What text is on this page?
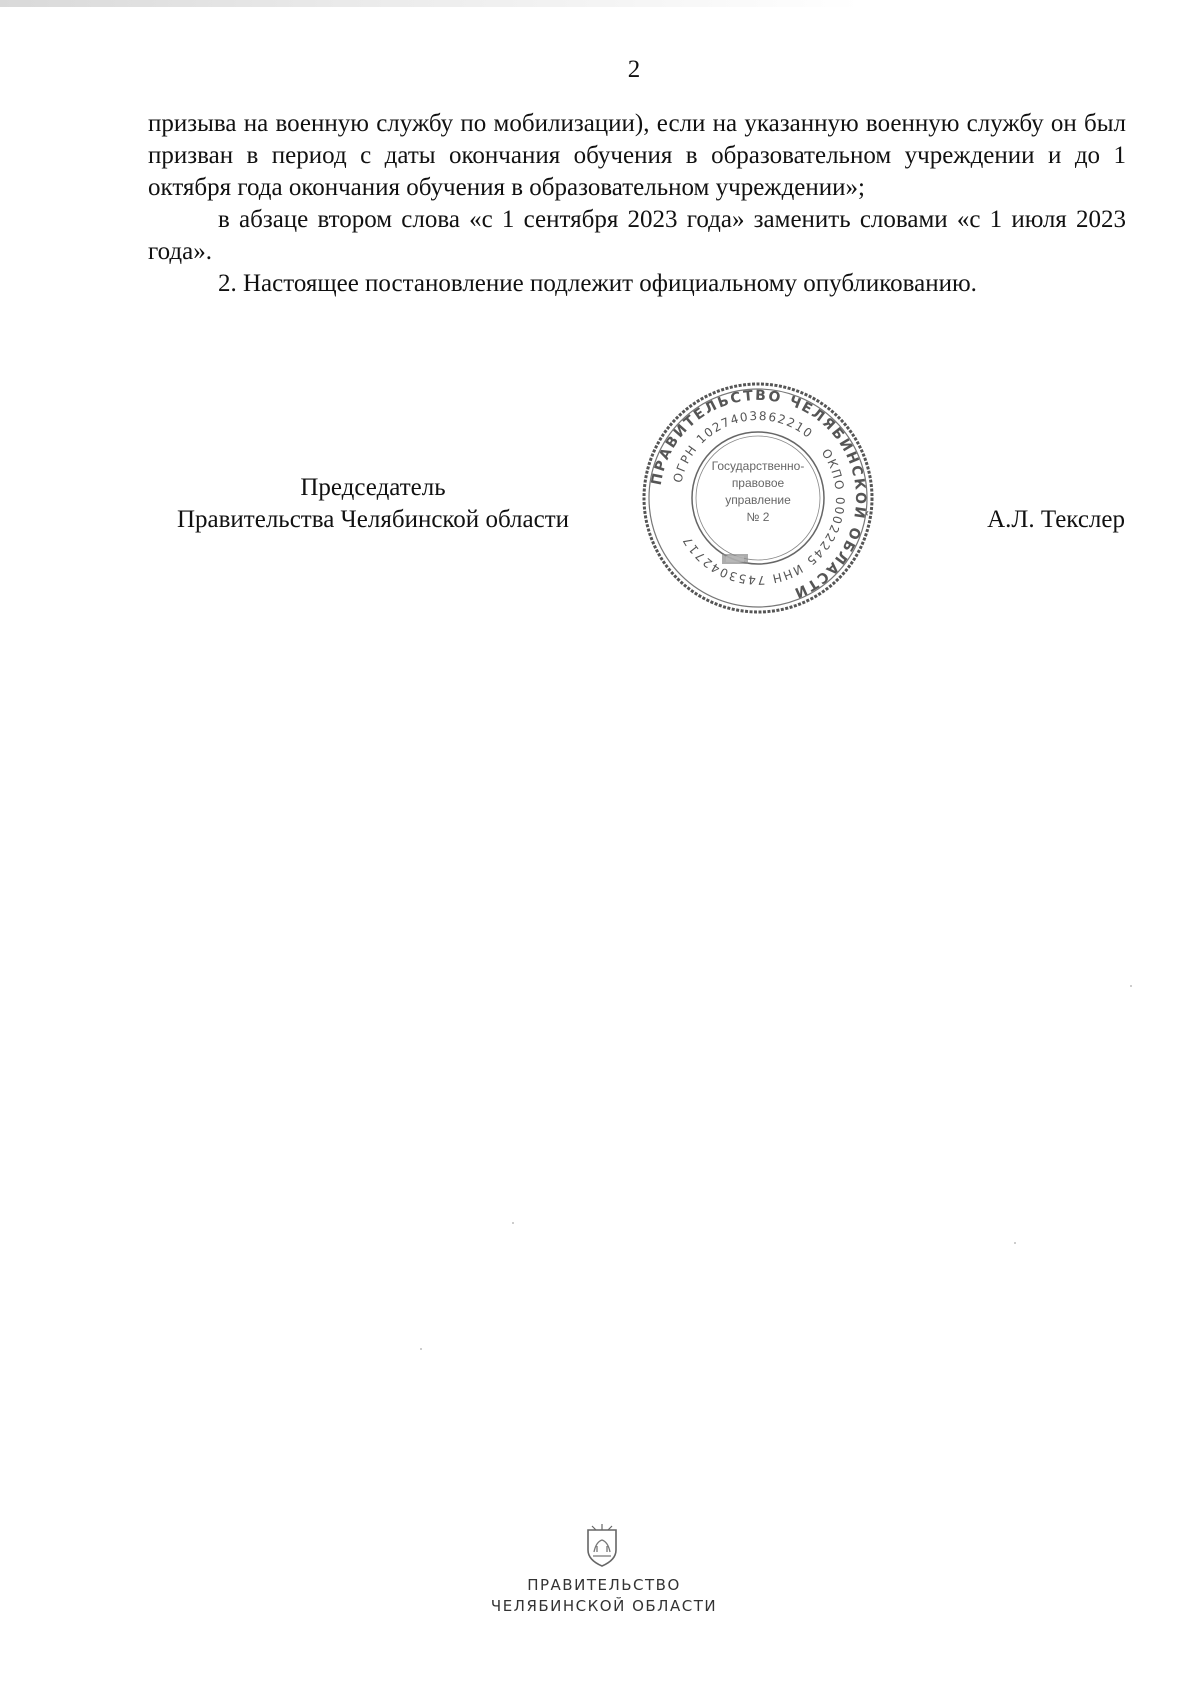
2

призыва на военную службу по мобилизации), если на указанную военную службу он был призван в период с даты окончания обучения в образовательном учреждении и до 1 октября года окончания обучения в образовательном учреждении»;

в абзаце втором слова «с 1 сентября 2023 года» заменить словами «с 1 июля 2023 года».

2. Настоящее постановление подлежит официальному опубликованию.

Председатель
Правительства Челябинской области	А.Л. Текслер
ПРАВИТЕЛЬСТВО ЧЕЛЯБИНСКОЙ ОБЛАСТИ
ОГРН 1027403862210
ОКПО 00022245
ИНН 7453042717
Государственно-
правовое
управление
№ 2
ПРАВИТЕЛЬСТВО
ЧЕЛЯБИНСКОЙ ОБЛАСТИ
